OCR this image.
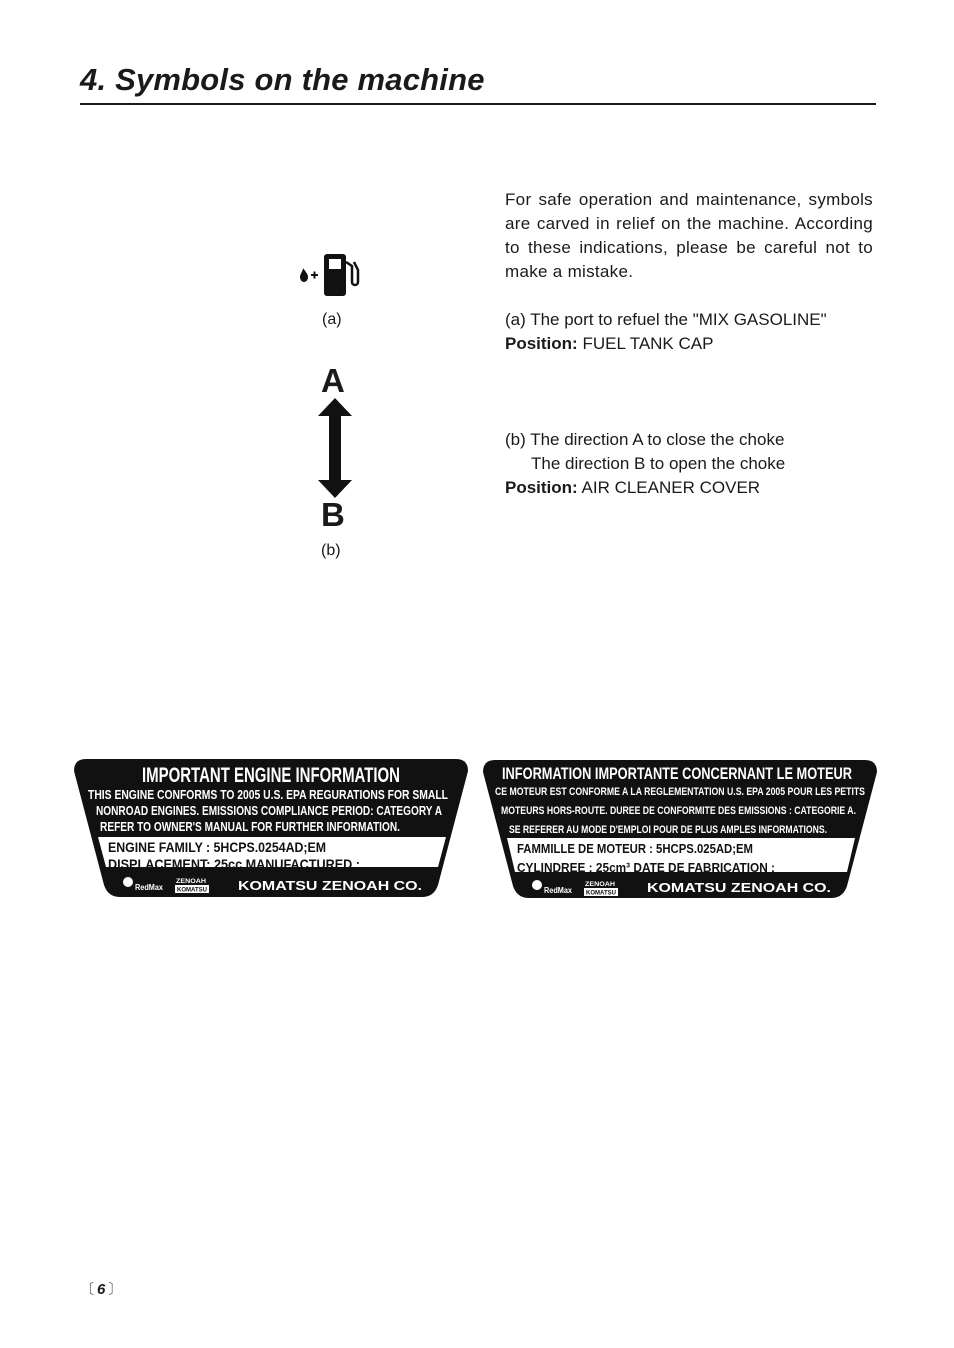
4. Symbols on the machine

For safe operation and maintenance, symbols are carved in relief on the machine. According to these indications, please be careful not to make a mistake.

(a)
A
B
(b)
(a) The port to refuel the "MIX GASOLINE"
Position: FUEL TANK CAP
(b) The direction A to close the choke
The direction B to open the choke
Position: AIR CLEANER COVER
IMPORTANT ENGINE INFORMATION
THIS ENGINE CONFORMS TO 2005 U.S. EPA REGURATIONS FOR SMALL
NONROAD ENGINES. EMISSIONS COMPLIANCE PERIOD: CATEGORY A
REFER TO OWNER'S MANUAL FOR FURTHER INFORMATION.
ENGINE FAMILY : 5HCPS.0254AD;EM
DISPLACEMENT: 25cc MANUFACTURED :
RedMax
ZENOAH
KOMATSU KOMATSU ZENOAH CO.
INFORMATION IMPORTANTE CONCERNANT LE MOTEUR
CE MOTEUR EST CONFORME A LA REGLEMENTATION U.S. EPA 2005 POUR LES PETITS
MOTEURS HORS-ROUTE. DUREE DE CONFORMITE DES EMISSIONS : CATEGORIE A.
SE REFERER AU MODE D'EMPLOI POUR DE PLUS AMPLES INFORMATIONS.
FAMMILLE DE MOTEUR : 5HCPS.025AD;EM
CYLINDREE : 25cm³ DATE DE FABRICATION :
RedMax
ZENOAH
KOMATSU KOMATSU ZENOAH CO.
〔 6 〕
